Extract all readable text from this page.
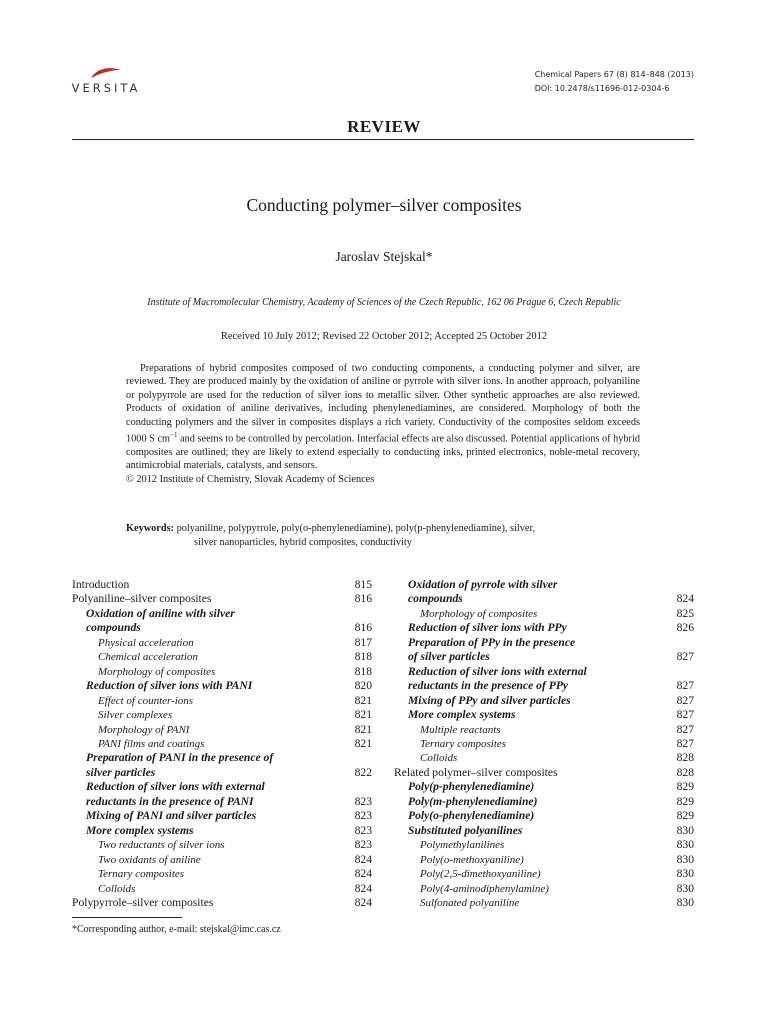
VERSITA
Chemical Papers 67 (8) 814–848 (2013)
DOI: 10.2478/s11696-012-0304-6
REVIEW
Conducting polymer–silver composites
Jaroslav Stejskal*
Institute of Macromolecular Chemistry, Academy of Sciences of the Czech Republic, 162 06 Prague 6, Czech Republic
Received 10 July 2012; Revised 22 October 2012; Accepted 25 October 2012

Preparations of hybrid composites composed of two conducting components, a conducting polymer and silver, are reviewed. They are produced mainly by the oxidation of aniline or pyrrole with silver ions. In another approach, polyaniline or polypyrrole are used for the reduction of silver ions to metallic silver. Other synthetic approaches are also reviewed. Products of oxidation of aniline derivatives, including phenylenediamines, are considered. Morphology of both the conducting polymers and the silver in composites displays a rich variety. Conductivity of the composites seldom exceeds 1000 S $cm^{-1}$ and seems to be controlled by percolation. Interfacial effects are also discussed. Potential applications of hybrid composites are outlined; they are likely to extend especially to conducting inks, printed electronics, noble-metal recovery, antimicrobial materials, catalysts, and sensors.

© 2012 Institute of Chemistry, Slovak Academy of Sciences

Keywords: polyaniline, polypyrrole, poly(o-phenylenediamine), poly(p-phenylenediamine), silver,
silver nanoparticles, hybrid composites, conductivity
Introduction	815
Polyaniline–silver composites	816
Oxidation of aniline with silver
compounds	816
Physical acceleration	817
Chemical acceleration	818
Morphology of composites	818
Reduction of silver ions with PANI	820
Effect of counter-ions	821
Silver complexes	821
Morphology of PANI	821
PANI films and coatings	821
Preparation of PANI in the presence of
silver particles	822
Reduction of silver ions with external
reductants in the presence of PANI	823
Mixing of PANI and silver particles	823
More complex systems	823
Two reductants of silver ions	823
Two oxidants of aniline	824
Ternary composites	824
Colloids	824
Polypyrrole–silver composites	824
Oxidation of pyrrole with silver
compounds	824
Morphology of composites	825
Reduction of silver ions with PPy	826
Preparation of PPy in the presence
of silver particles	827
Reduction of silver ions with external
reductants in the presence of PPy	827
Mixing of PPy and silver particles	827
More complex systems	827
Multiple reactants	827
Ternary composites	827
Colloids	828
Related polymer–silver composites	828
Poly(p-phenylenediamine)	829
Poly(m-phenylenediamine)	829
Poly(o-phenylenediamine)	829
Substituted polyanilines	830
Polymethylanilines	830
Poly(o-methoxyaniline)	830
Poly(2,5-dimethoxyaniline)	830
Poly(4-aminodiphenylamine)	830
Sulfonated polyaniline	830
*Corresponding author, e-mail: stejskal@imc.cas.cz
